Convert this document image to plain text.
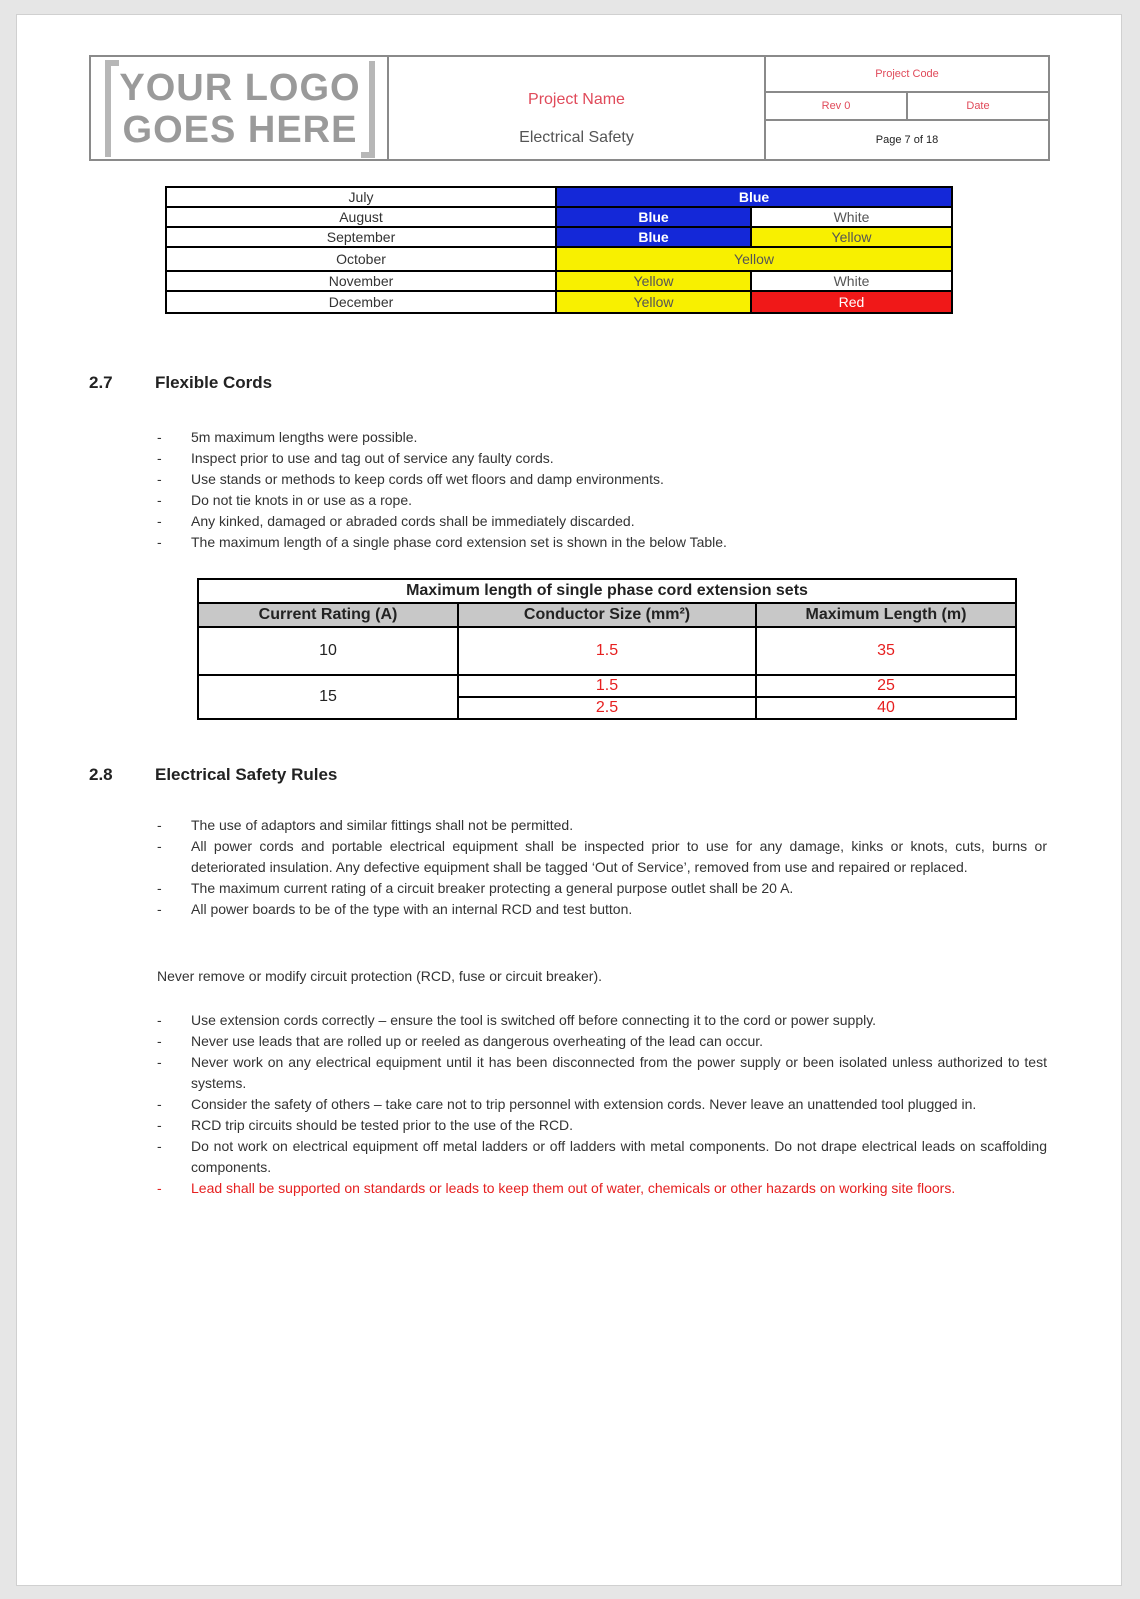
YOUR LOGO
GOES HERE
Project Name
Electrical Safety
Project Code
Rev 0	Date
Page 7 of 18
July	Blue	
August	Blue	White
September	Blue	Yellow
October	Yellow	
November	Yellow	White
December	Yellow	Red
2.7 Flexible Cords
- 5m maximum lengths were possible.
- Inspect prior to use and tag out of service any faulty cords.
- Use stands or methods to keep cords off wet floors and damp environments.
- Do not tie knots in or use as a rope.
- Any kinked, damaged or abraded cords shall be immediately discarded.
- The maximum length of a single phase cord extension set is shown in the below Table.
Maximum length of single phase cord extension sets		
Current Rating (A)	Conductor Size (mm²)	Maximum Length (m)
10	1.5	35
15	1.5	25
	2.5	40
2.8 Electrical Safety Rules
- The use of adaptors and similar fittings shall not be permitted.
- All power cords and portable electrical equipment shall be inspected prior to use for any damage, kinks or knots, cuts, burns or deteriorated insulation. Any defective equipment shall be tagged ‘Out of Service’, removed from use and repaired or replaced.
- The maximum current rating of a circuit breaker protecting a general purpose outlet shall be 20 A.
- All power boards to be of the type with an internal RCD and test button.
Never remove or modify circuit protection (RCD, fuse or circuit breaker).
- Use extension cords correctly – ensure the tool is switched off before connecting it to the cord or power supply.
- Never use leads that are rolled up or reeled as dangerous overheating of the lead can occur.
- Never work on any electrical equipment until it has been disconnected from the power supply or been isolated unless authorized to test systems.
- Consider the safety of others – take care not to trip personnel with extension cords. Never leave an unattended tool plugged in.
- RCD trip circuits should be tested prior to the use of the RCD.
- Do not work on electrical equipment off metal ladders or off ladders with metal components. Do not drape electrical leads on scaffolding components.
- Lead shall be supported on standards or leads to keep them out of water, chemicals or other hazards on working site floors.
